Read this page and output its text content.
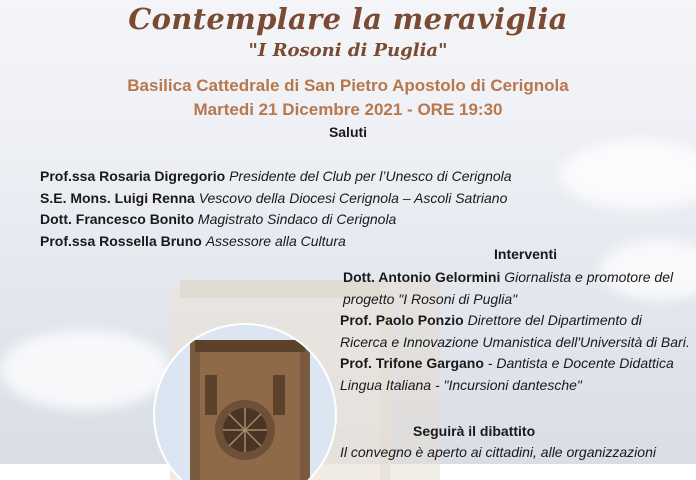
Contemplare la meraviglia
"I Rosoni di Puglia"
Basilica Cattedrale di San Pietro Apostolo di Cerignola
Martedi 21 Dicembre 2021 - ORE 19:30
Saluti
Prof.ssa Rosaria Digregorio Presidente del Club per l’Unesco di Cerignola
S.E. Mons. Luigi Renna Vescovo della Diocesi Cerignola – Ascoli Satriano
Dott. Francesco Bonito Magistrato Sindaco di Cerignola
Prof.ssa Rossella Bruno Assessore alla Cultura
Interventi
Dott. Antonio Gelormini Giornalista e promotore del progetto "I Rosoni di Puglia"
Prof. Paolo Ponzio Direttore del Dipartimento di Ricerca e Innovazione Umanistica dell'Università di Bari.
Prof. Trifone Gargano - Dantista e Docente Didattica Lingua Italiana - "Incursioni dantesche"
Seguirà il dibattito
Il convegno è aperto ai cittadini, alle organizzazioni
